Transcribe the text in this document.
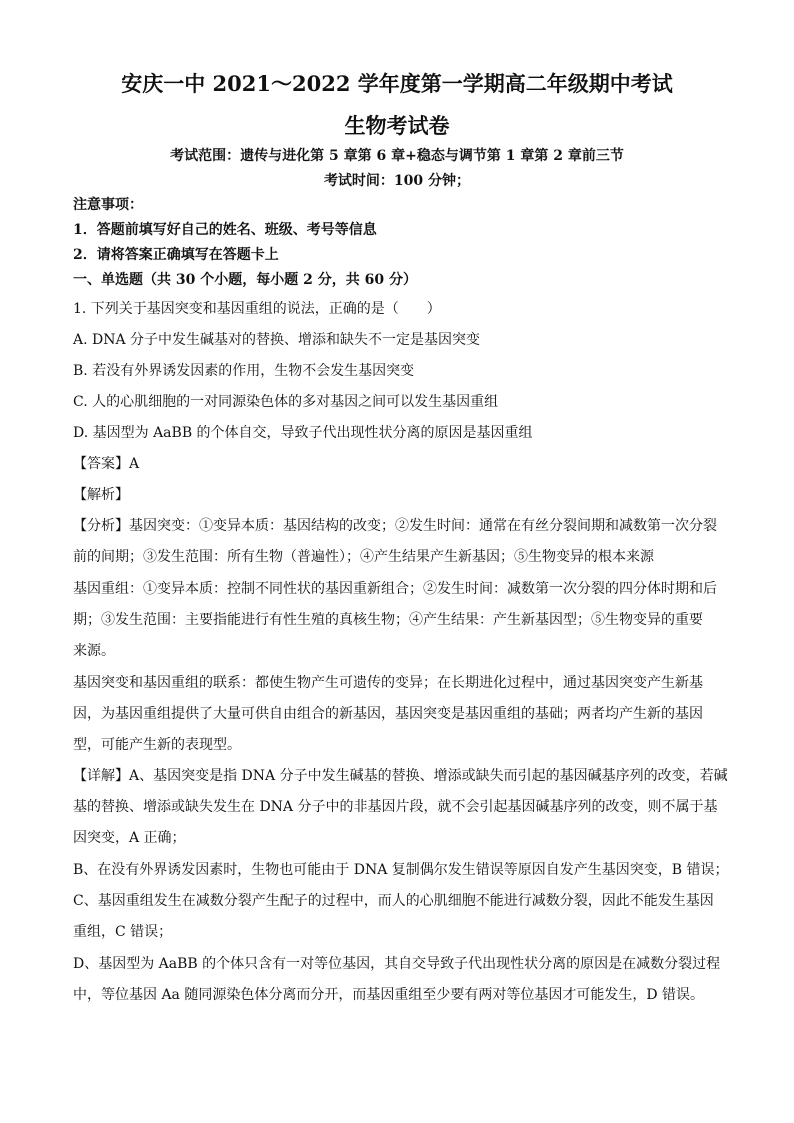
安庆一中 2021～2022 学年度第一学期高二年级期中考试
生物考试卷
考试范围：遗传与进化第 5 章第 6 章+稳态与调节第 1 章第 2 章前三节
考试时间：100 分钟；
注意事项：
1．答题前填写好自己的姓名、班级、考号等信息
2．请将答案正确填写在答题卡上
一、单选题（共 30 个小题，每小题 2 分，共 60 分）
1. 下列关于基因突变和基因重组的说法，正确的是（　　）
A. DNA 分子中发生碱基对的替换、增添和缺失不一定是基因突变
B. 若没有外界诱发因素的作用，生物不会发生基因突变
C. 人的心肌细胞的一对同源染色体的多对基因之间可以发生基因重组
D. 基因型为 AaBB 的个体自交，导致子代出现性状分离的原因是基因重组
【答案】A
【解析】
【分析】基因突变：①变异本质：基因结构的改变；②发生时间：通常在有丝分裂间期和减数第一次分裂
前的间期；③发生范围：所有生物（普遍性）；④产生结果产生新基因；⑤生物变异的根本来源
基因重组：①变异本质：控制不同性状的基因重新组合；②发生时间：减数第一次分裂的四分体时期和后
期；③发生范围：主要指能进行有性生殖的真核生物；④产生结果：产生新基因型；⑤生物变异的重要
来源。
基因突变和基因重组的联系：都使生物产生可遗传的变异；在长期进化过程中，通过基因突变产生新基
因，为基因重组提供了大量可供自由组合的新基因，基因突变是基因重组的基础；两者均产生新的基因
型，可能产生新的表现型。
【详解】A、基因突变是指 DNA 分子中发生碱基的替换、增添或缺失而引起的基因碱基序列的改变，若碱
基的替换、增添或缺失发生在 DNA 分子中的非基因片段，就不会引起基因碱基序列的改变，则不属于基
因突变，A 正确；
B、在没有外界诱发因素时，生物也可能由于 DNA 复制偶尔发生错误等原因自发产生基因突变，B 错误；
C、基因重组发生在减数分裂产生配子的过程中，而人的心肌细胞不能进行减数分裂，因此不能发生基因
重组，C 错误；
D、基因型为 AaBB 的个体只含有一对等位基因，其自交导致子代出现性状分离的原因是在减数分裂过程
中，等位基因 Aa 随同源染色体分离而分开，而基因重组至少要有两对等位基因才可能发生，D 错误。
